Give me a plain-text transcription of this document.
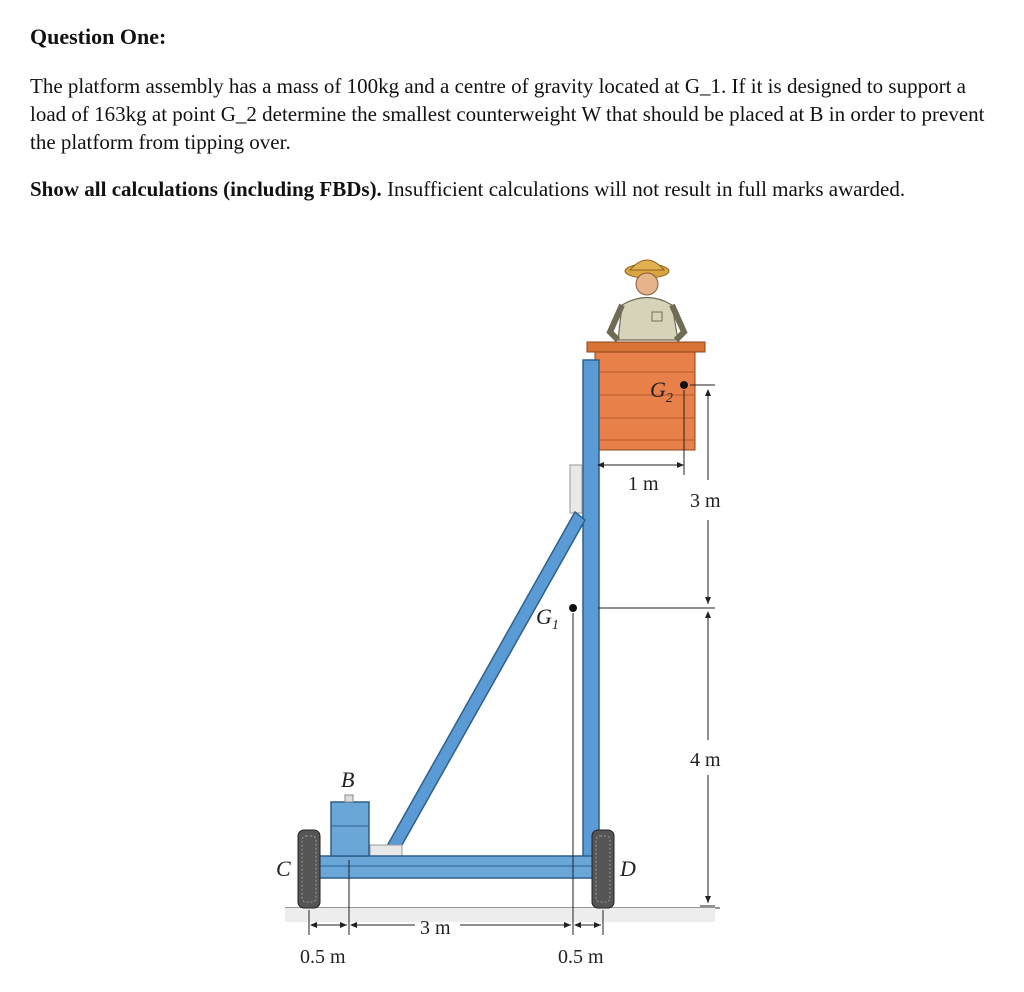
Question One:
The platform assembly has a mass of 100kg and a centre of gravity located at G_1. If it is designed to support a load of 163kg at point G_2 determine the smallest counterweight W that should be placed at B in order to prevent the platform from tipping over.
Show all calculations (including FBDs). Insufficient calculations will not result in full marks awarded.
$G_2$
$G_1$
B
C	D
1 m
3 m
4 m
0.5 m
3 m
0.5 m
